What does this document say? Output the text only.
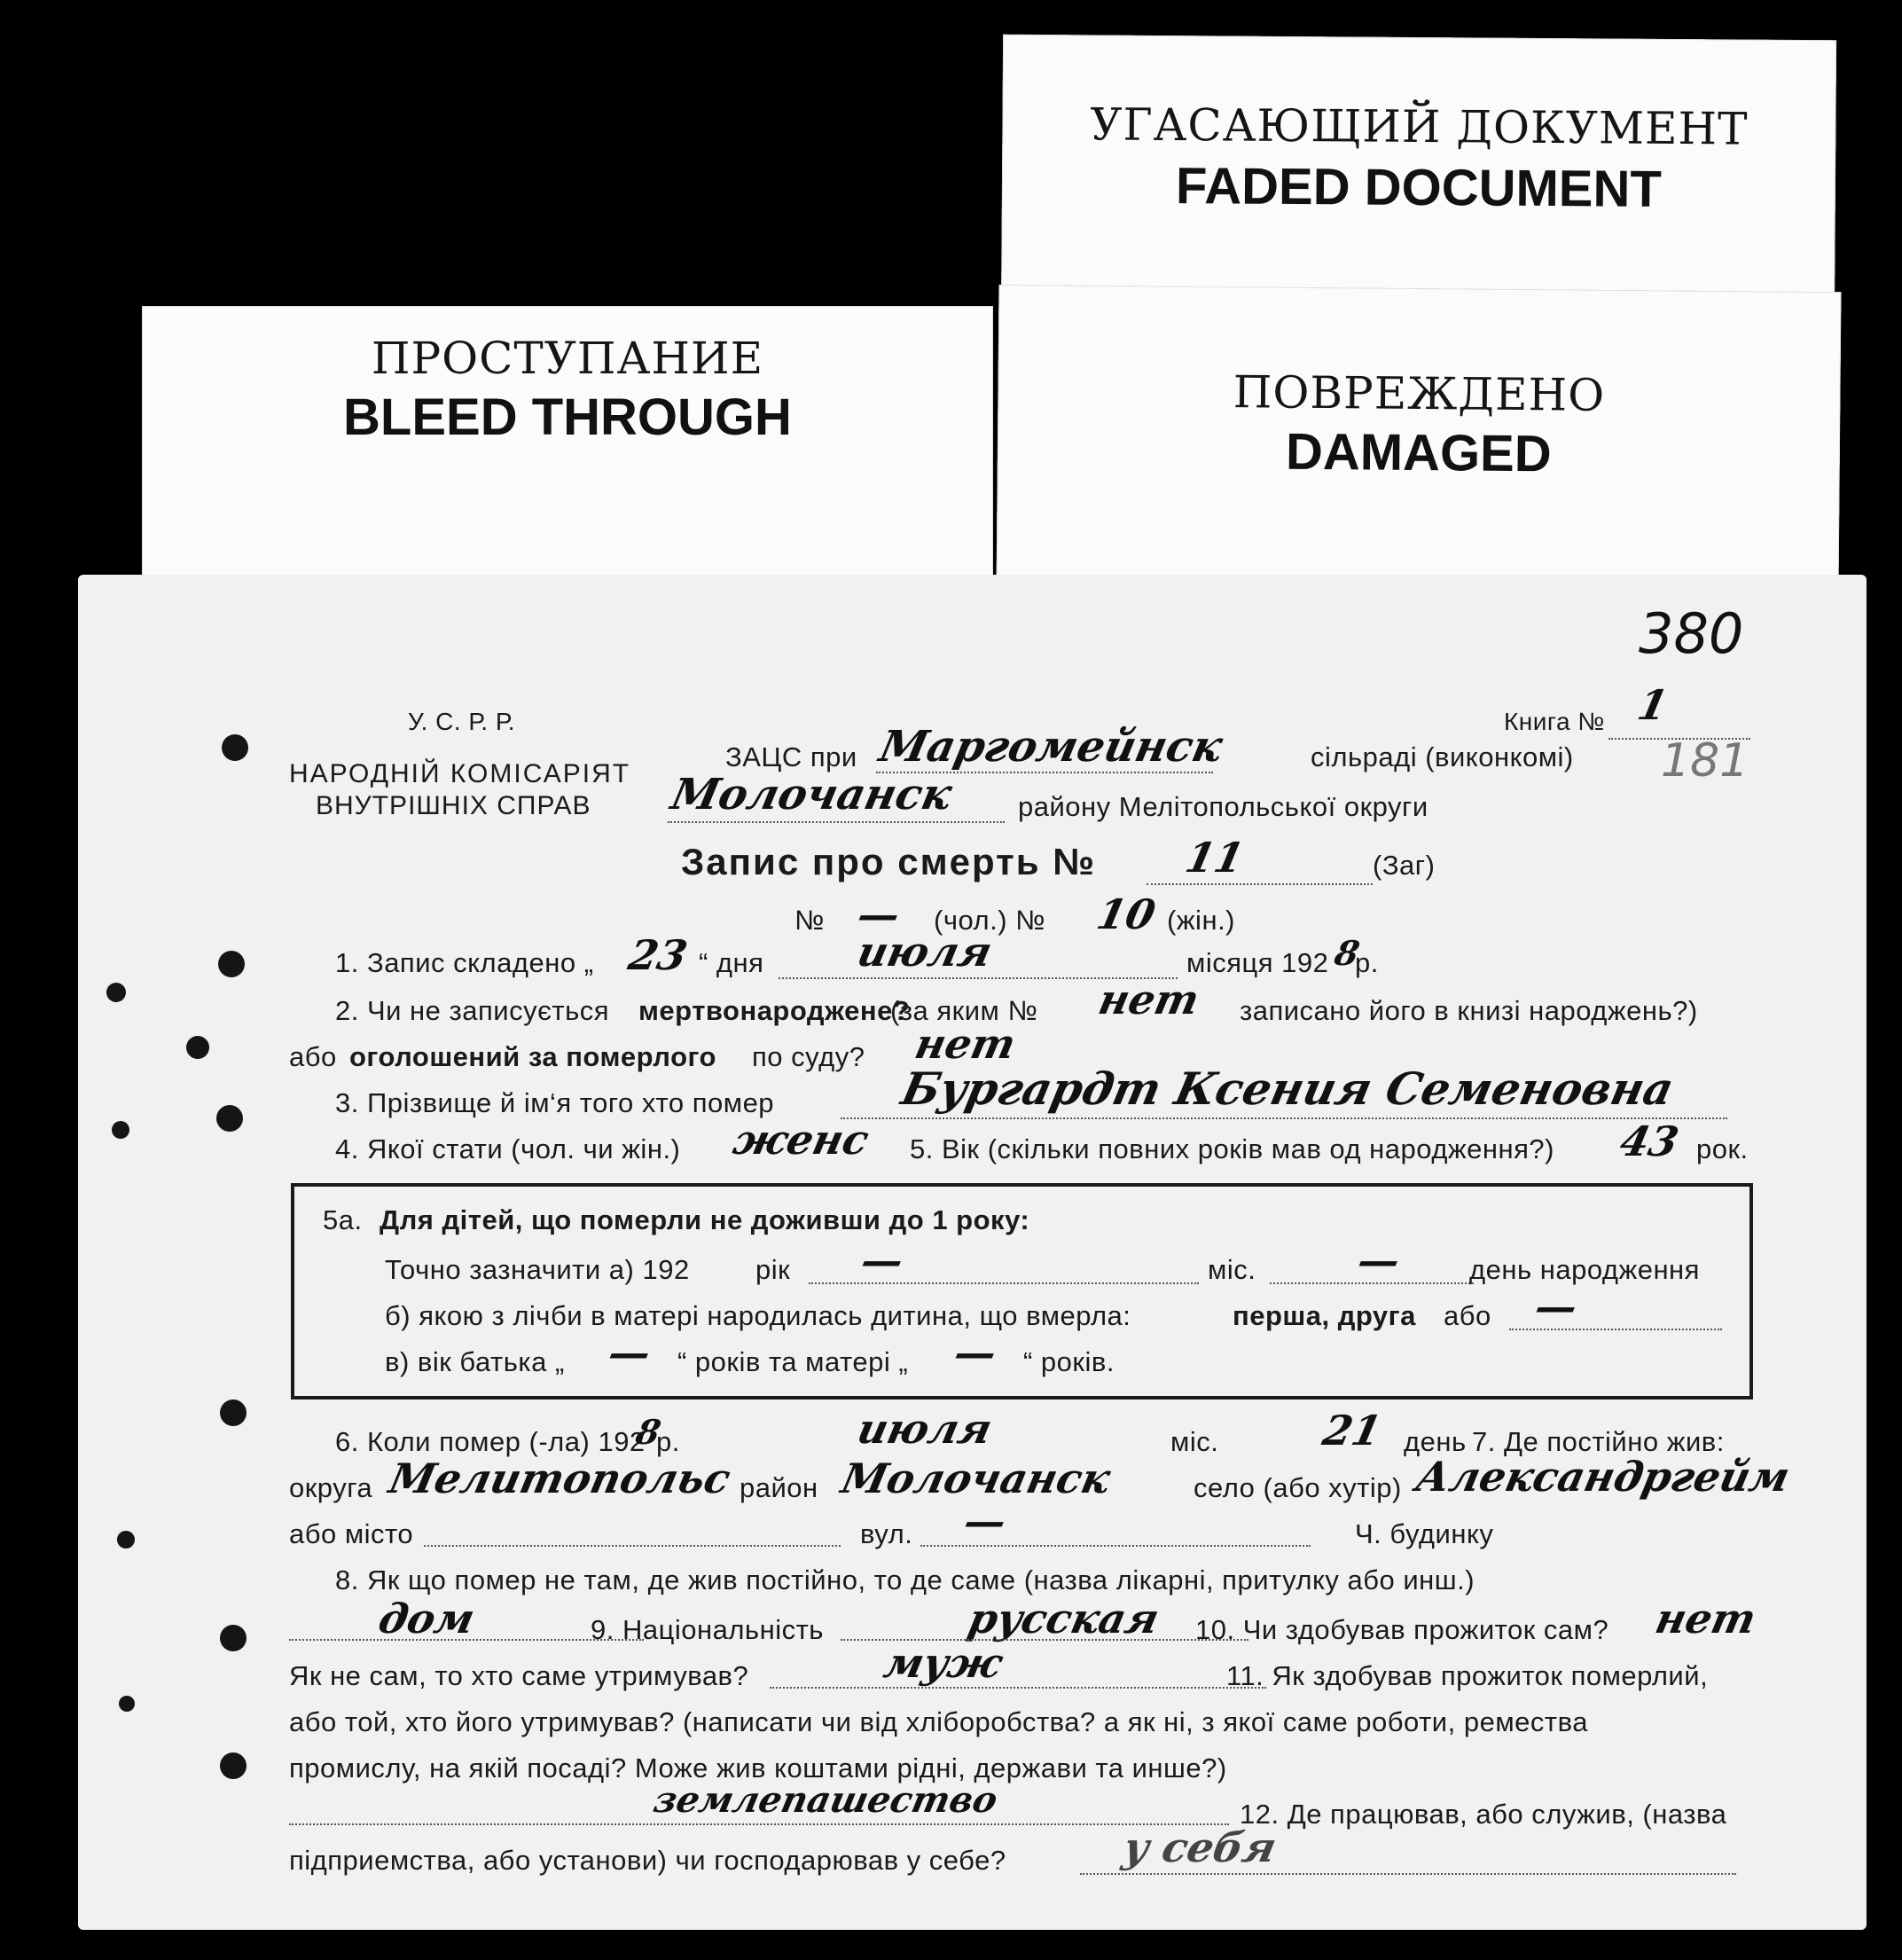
УГАСАЮЩИЙ ДОКУМЕНТ
FADED DOCUMENT
ПОВРЕЖДЕНО
DAMAGED
ПРОСТУПАНИЕ
BLEED THROUGH
380
181
У. С. Р. Р.
НАРОДНІЙ КОМІСАРІЯТ
ВНУТРІШНІХ СПРАВ
Книга № 1
ЗАЦС при Маргомейнск	сільраді (виконкомі)
Молочанск району Мелітопольської округи
Запис про смерть № 11	(Заг)
№ — (чол.) № 10 (жін.)
1. Запис складено „ 23 “ дня июля	місяця 192 8
р.
2. Чи не записується мертвонароджене?
(за яким № нет записано його в книзі народжень?)
або оголошений за померлого по суду? нет
3. Прізвище й ім‘я того хто помер	Бургардт Ксения Семеновна
4. Якої стати (чол. чи жін.) женс 5. Вік (скільки повних років мав од народження?) 43 рок.
5а. Для дітей, що померли не доживши до 1 року:
Точно зазначити а) 192 рік —	міс. — день народження
б) якою з лічби в матері народилась дитина, що вмерла:	перша, друга або —
в) вік батька „ — “ років та матері „ — “ років.
6. Коли помер (-ла) 192
8
р.	июля	міс. 21 день 7. Де постійно жив:
округа Мелитопольс район Молочанск	село (або хутір) Александргейм
або місто	вул. —	Ч. будинку
8. Як що помер не там, де жив постійно, то де саме (назва лікарні, притулку або инш.)
дом	9. Національність	русская 10. Чи здобував прожиток сам? нет
Як не сам, то хто саме утримував?	муж	11. Як здобував прожиток померлий,
або той, хто його утримував? (написати чи від хліборобства? а як ні, з якої саме роботи, ремества
промислу, на якій посаді? Може жив коштами рідні, держави та инше?)
землепашество	12. Де працював, або служив, (назва
підприемства, або установи) чи господарював у себе?	у себя
